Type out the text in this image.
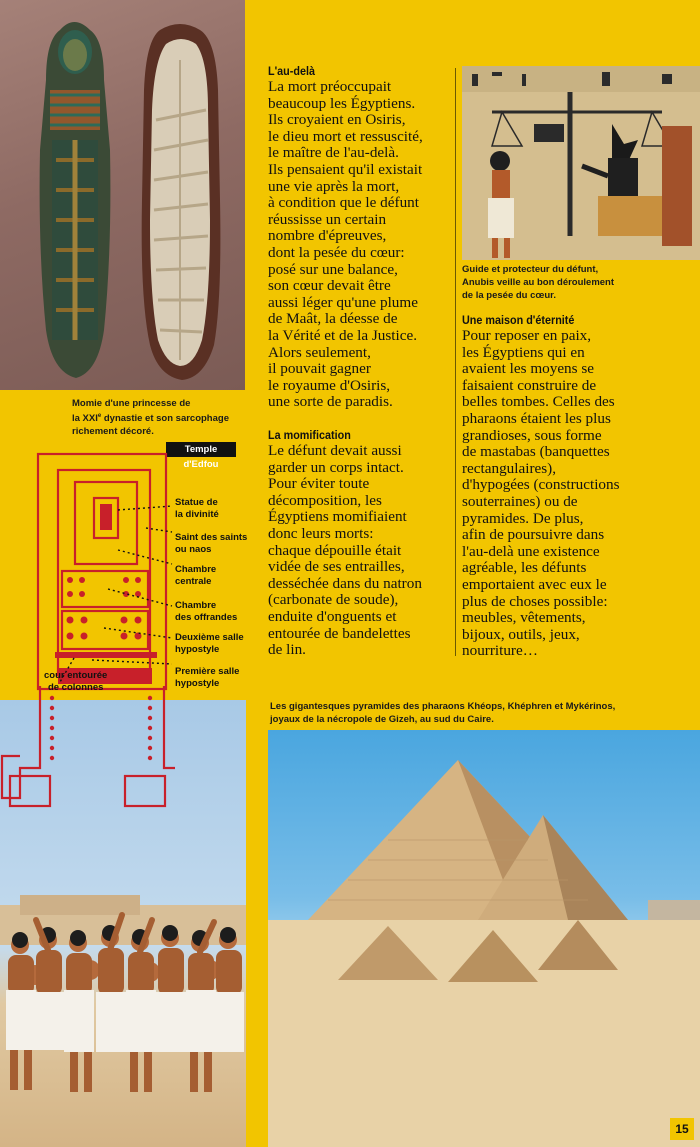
Momie d'une princesse de
la XXIe dynastie et son sarcophage
richement décoré.
Temple d'Edfou
Statue de
la divinité
Saint des saints
ou naos
Chambre
centrale
Chambre
des offrandes
Deuxième salle
hypostyle
Première salle
hypostyle
cour entourée
de colonnes
L'au-delà

La mort préoccupait
beaucoup les Égyptiens.
Ils croyaient en Osiris,
le dieu mort et ressuscité,
le maître de l'au-delà.
Ils pensaient qu'il existait
une vie après la mort,
à condition que le défunt
réussisse un certain
nombre d'épreuves,
dont la pesée du cœur:
posé sur une balance,
son cœur devait être
aussi léger qu'une plume
de Maât, la déesse de
la Vérité et de la Justice.
Alors seulement,
il pouvait gagner
le royaume d'Osiris,
une sorte de paradis.

La momification

Le défunt devait aussi
garder un corps intact.
Pour éviter toute
décomposition, les
Égyptiens momifiaient
donc leurs morts:
chaque dépouille était
vidée de ses entrailles,
desséchée dans du natron
(carbonate de soude),
enduite d'onguents et
entourée de bandelettes
de lin.

Guide et protecteur du défunt,
Anubis veille au bon déroulement
de la pesée du cœur.
Une maison d'éternité

Pour reposer en paix,
les Égyptiens qui en
avaient les moyens se
faisaient construire de
belles tombes. Celles des
pharaons étaient les plus
grandioses, sous forme
de mastabas (banquettes
rectangulaires),
d'hypogées (constructions
souterraines) ou de
pyramides. De plus,
afin de poursuivre dans
l'au-delà une existence
agréable, les défunts
emportaient avec eux le
plus de choses possible:
meubles, vêtements,
bijoux, outils, jeux,
nourriture…

Les gigantesques pyramides des pharaons Khéops, Khéphren et Mykérinos,
joyaux de la nécropole de Gizeh, au sud du Caire.
15
